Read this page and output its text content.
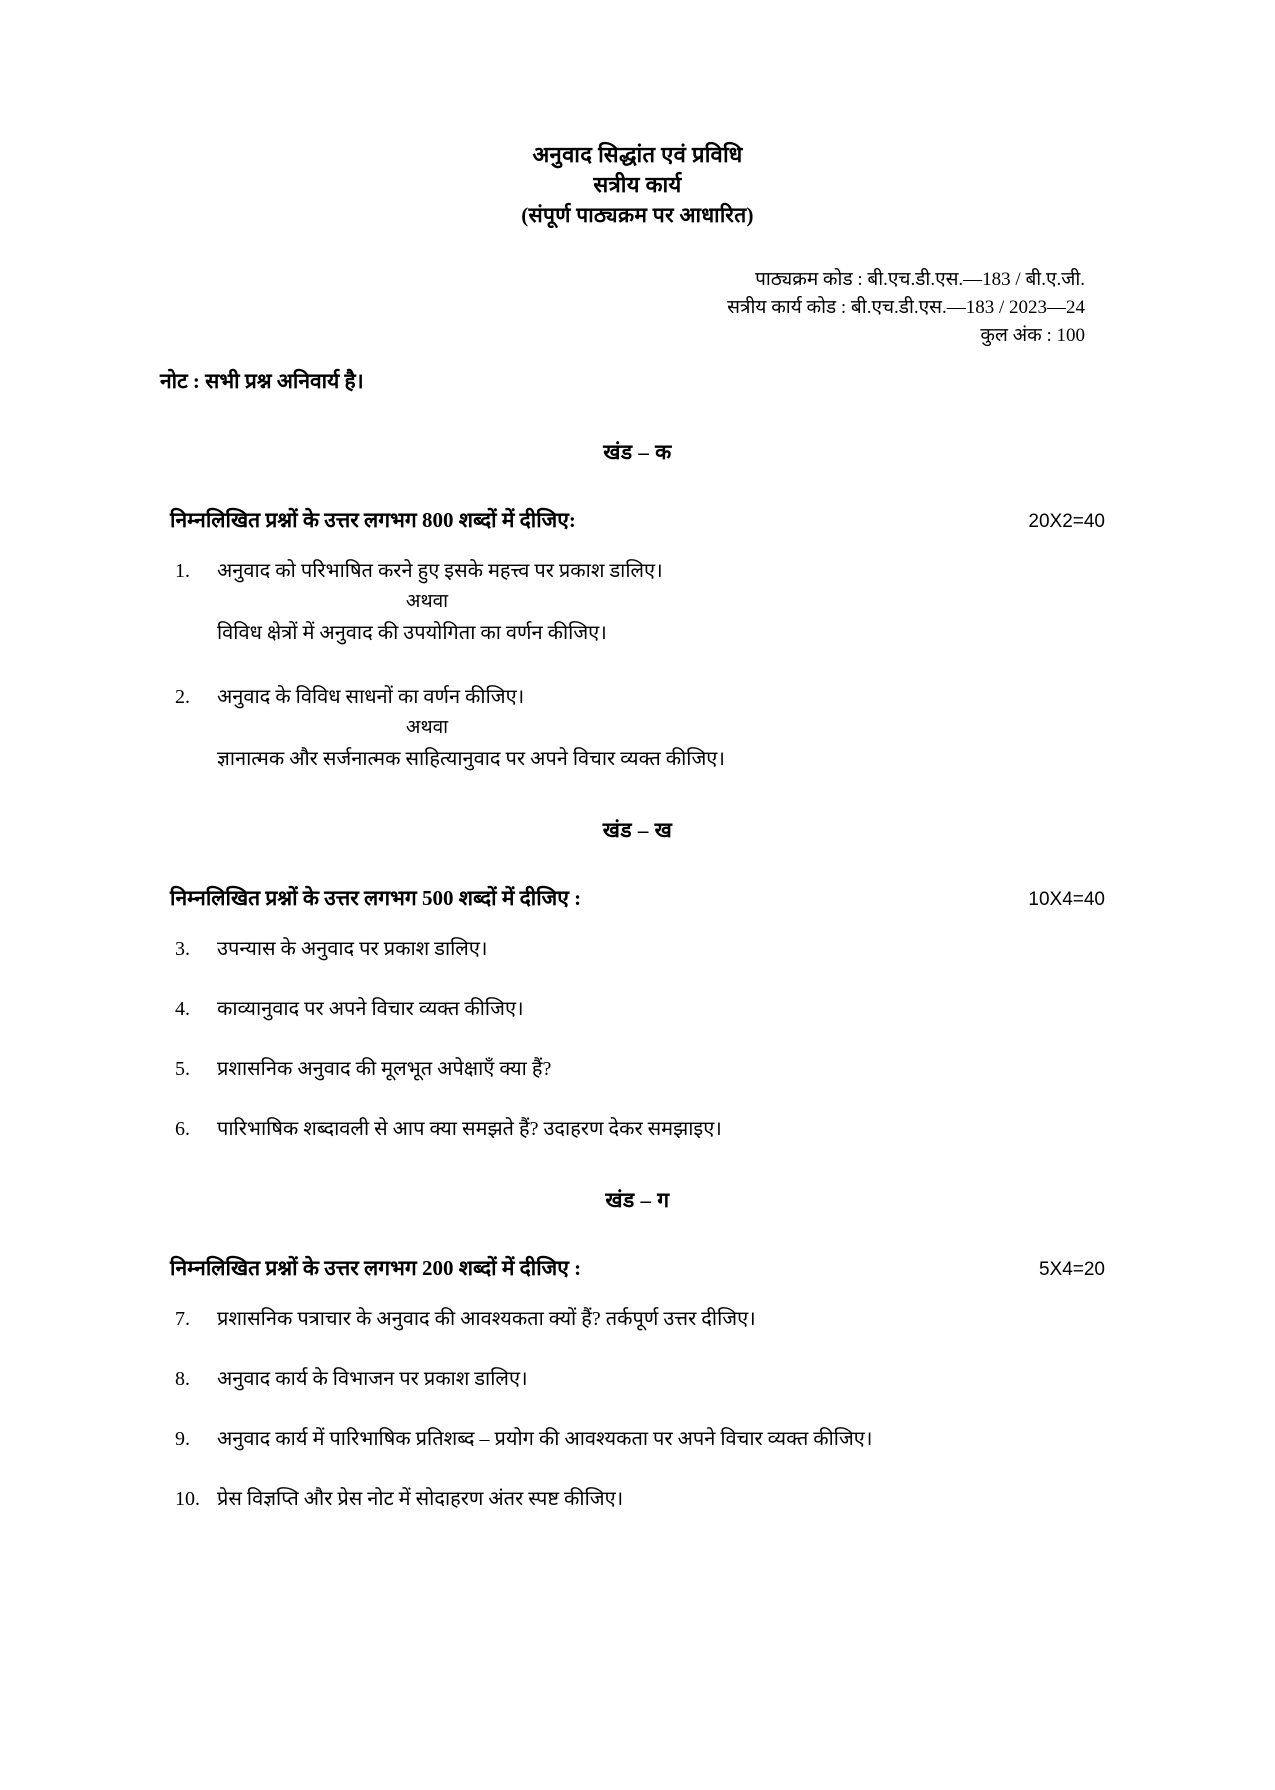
अनुवाद सिद्धांत एवं प्रविधि
सत्रीय कार्य
(संपूर्ण पाठ्यक्रम पर आधारित)
पाठ्यक्रम कोड : बी.एच.डी.एस.—183 / बी.ए.जी.
सत्रीय कार्य कोड : बी.एच.डी.एस.—183 / 2023—24
कुल अंक : 100
नोट : सभी प्रश्न अनिवार्य है।
खंड – क
निम्नलिखित प्रश्नों के उत्तर लगभग 800 शब्दों में दीजिए:	20X2=40
1.	अनुवाद को परिभाषित करने हुए इसके महत्त्व पर प्रकाश डालिए।
अथवा
विविध क्षेत्रों में अनुवाद की उपयोगिता का वर्णन कीजिए।
2.	अनुवाद के विविध साधनों का वर्णन कीजिए।
अथवा
ज्ञानात्मक और सर्जनात्मक साहित्यानुवाद पर अपने विचार व्यक्त कीजिए।
खंड – ख
निम्नलिखित प्रश्नों के उत्तर लगभग 500 शब्दों में दीजिए :	10X4=40
3.	उपन्यास के अनुवाद पर प्रकाश डालिए।
4.	काव्यानुवाद पर अपने विचार व्यक्त कीजिए।
5.	प्रशासनिक अनुवाद की मूलभूत अपेक्षाएँ क्या हैं?
6.	पारिभाषिक शब्दावली से आप क्या समझते हैं? उदाहरण देकर समझाइए।
खंड – ग
निम्नलिखित प्रश्नों के उत्तर लगभग 200 शब्दों में दीजिए :	5X4=20
7.	प्रशासनिक पत्राचार के अनुवाद की आवश्यकता क्यों हैं? तर्कपूर्ण उत्तर दीजिए।
8.	अनुवाद कार्य के विभाजन पर प्रकाश डालिए।
9.	अनुवाद कार्य में पारिभाषिक प्रतिशब्द – प्रयोग की आवश्यकता पर अपने विचार व्यक्त कीजिए।
10. प्रेस विज्ञप्ति और प्रेस नोट में सोदाहरण अंतर स्पष्ट कीजिए।
